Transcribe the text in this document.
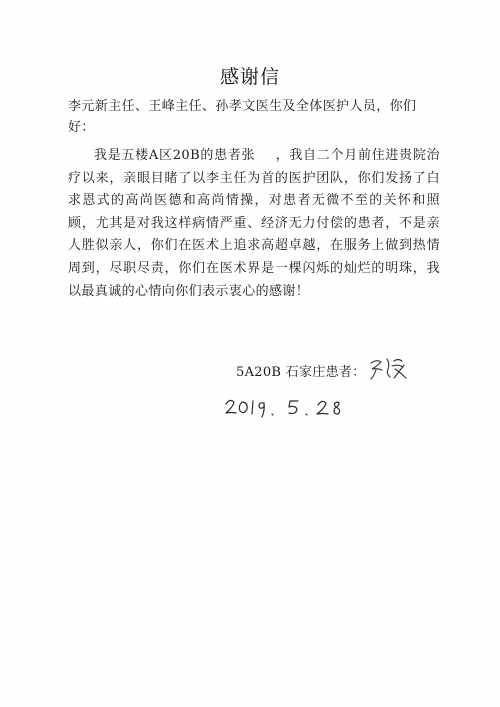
感谢信
李元新主任、王峰主任、孙孝文医生及全体医护人员，你们好：
我是五楼A区20B的患者张 ，我自二个月前住进贵院治疗以来，亲眼目睹了以李主任为首的医护团队，你们发扬了白求恩式的高尚医德和高尚情操，对患者无微不至的关怀和照顾，尤其是对我这样病情严重、经济无力付偿的患者，不是亲人胜似亲人，你们在医术上追求高超卓越，在服务上做到热情周到，尽职尽责，你们在医术界是一棵闪烁的灿烂的明珠，我以最真诚的心情向你们表示衷心的感谢！
5A20B 石家庄患者：
